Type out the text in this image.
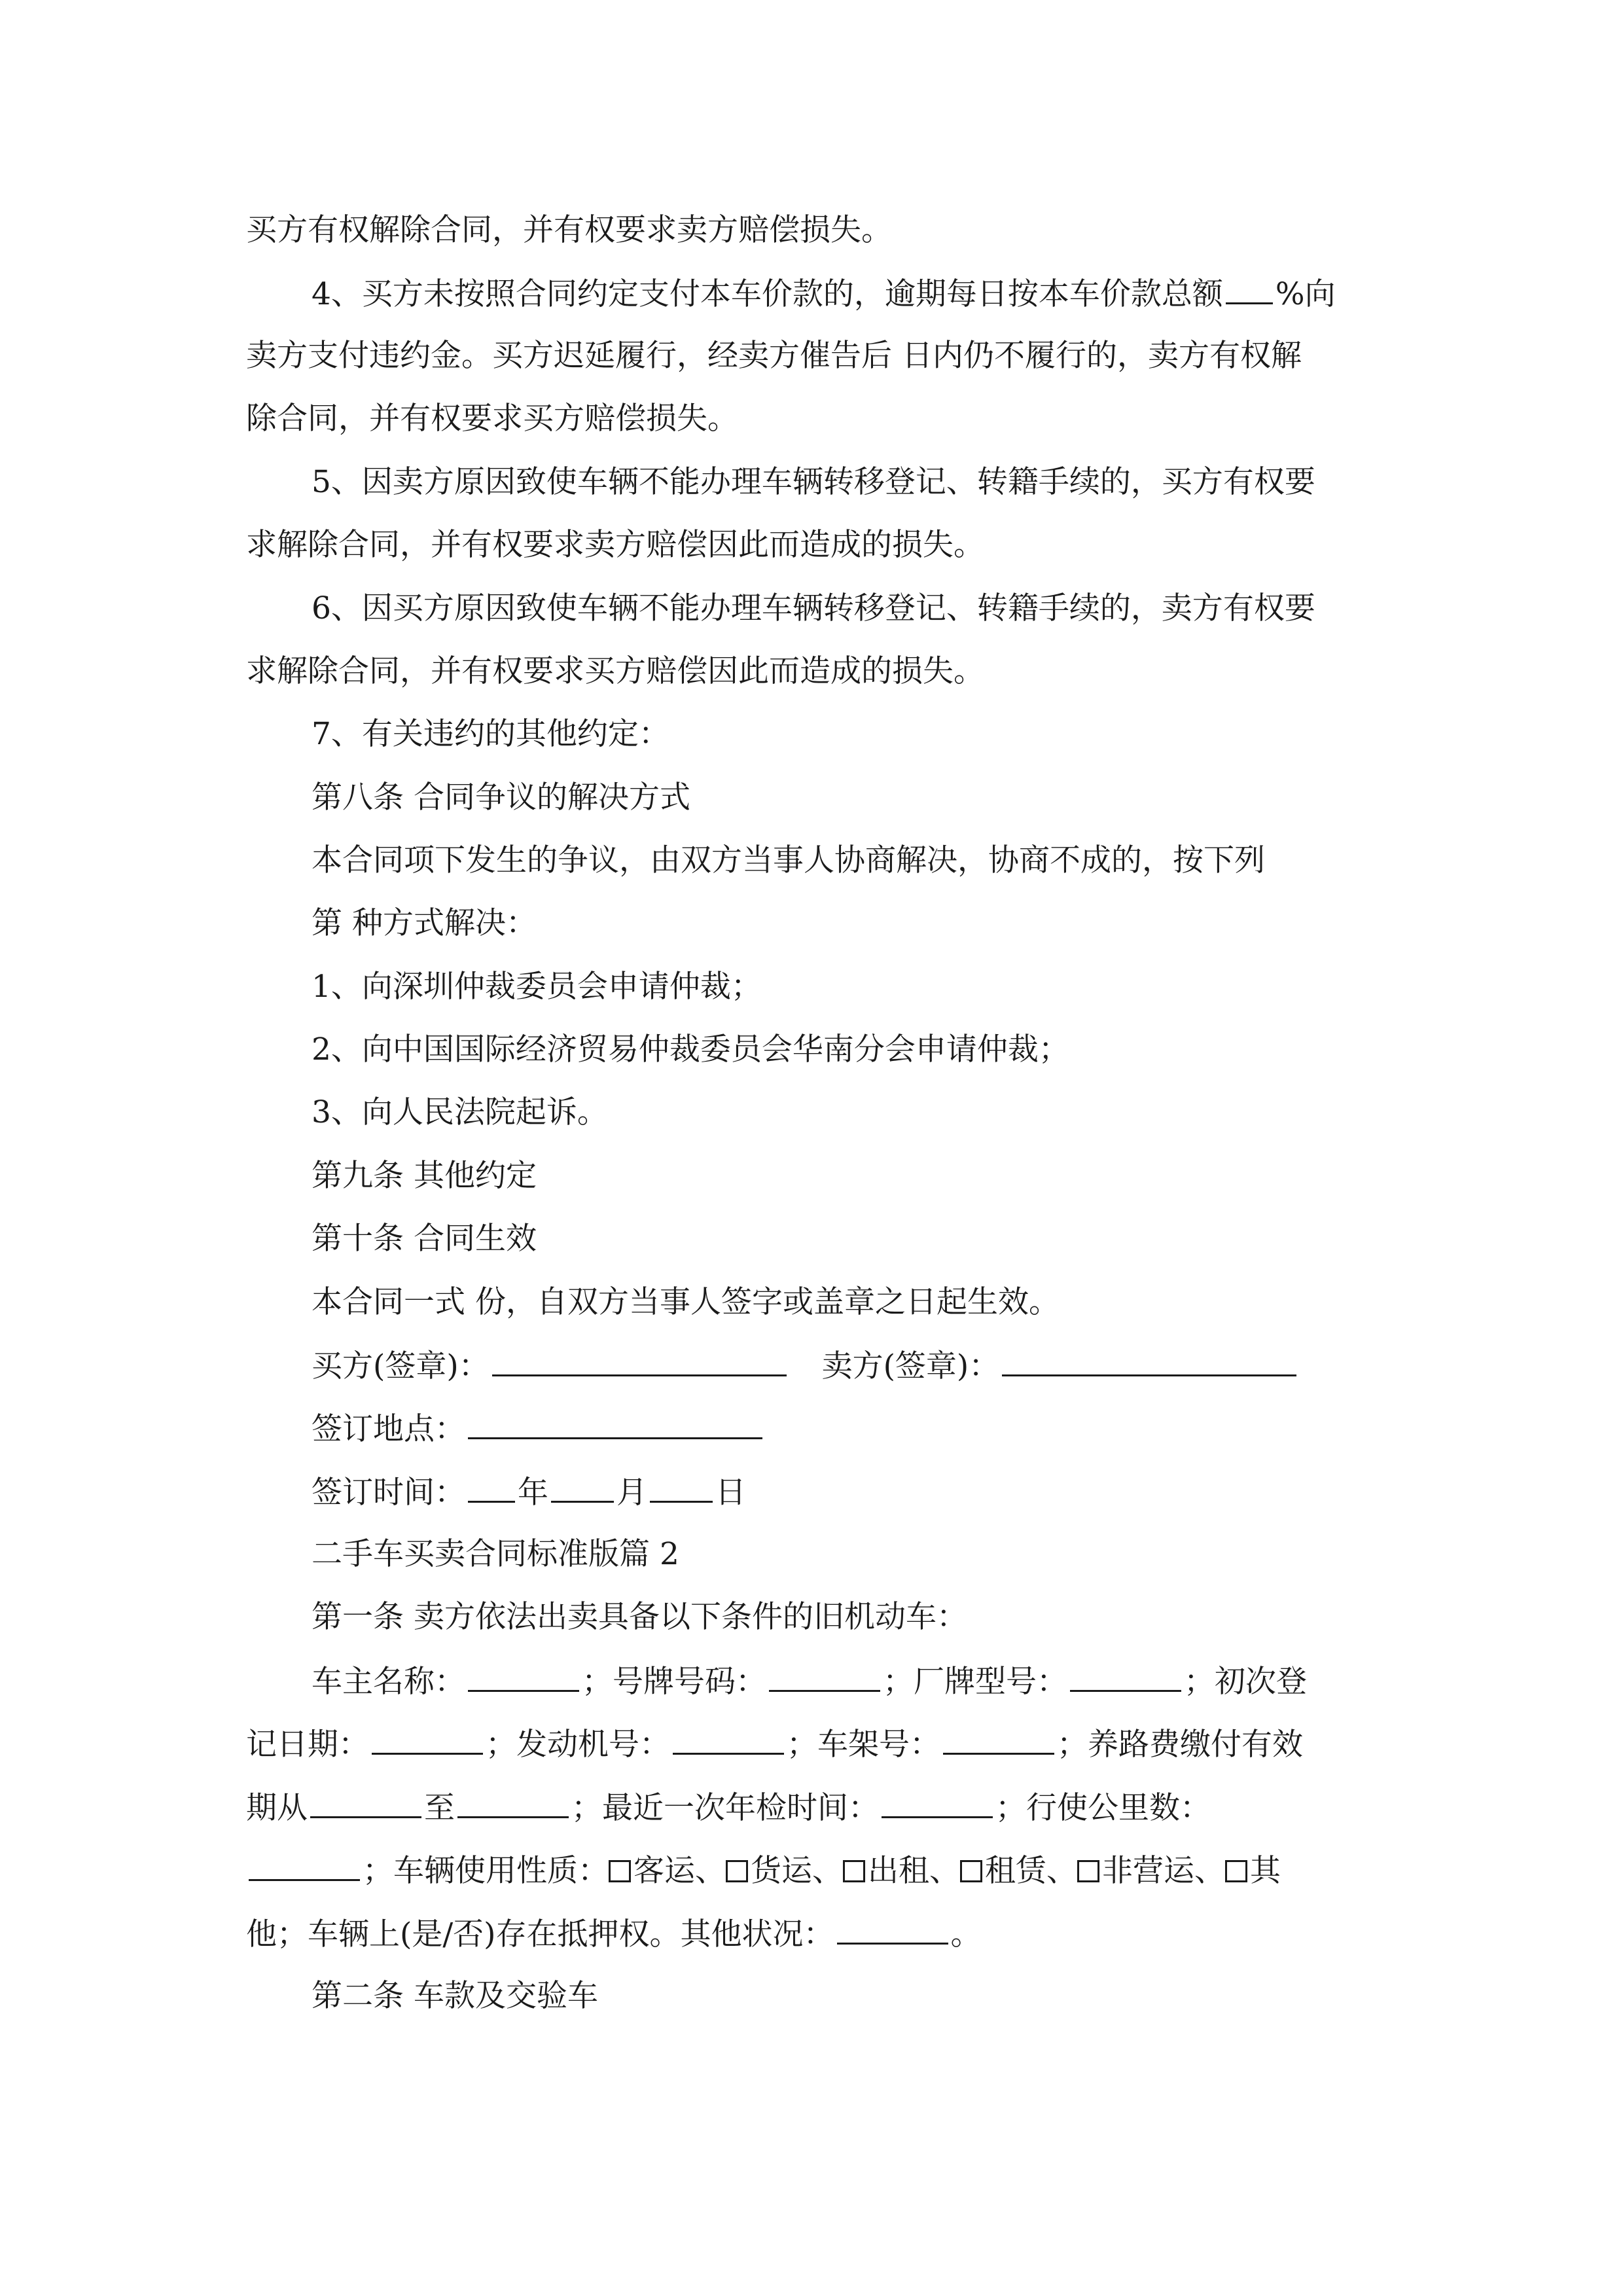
买方有权解除合同，并有权要求卖方赔偿损失。
4、买方未按照合同约定支付本车价款的，逾期每日按本车价款总额 %向
卖方支付违约金。买方迟延履行，经卖方催告后 日内仍不履行的，卖方有权解
除合同，并有权要求买方赔偿损失。
5、因卖方原因致使车辆不能办理车辆转移登记、转籍手续的，买方有权要
求解除合同，并有权要求卖方赔偿因此而造成的损失。
6、因买方原因致使车辆不能办理车辆转移登记、转籍手续的，卖方有权要
求解除合同，并有权要求买方赔偿因此而造成的损失。
7、有关违约的其他约定：
第八条 合同争议的解决方式
本合同项下发生的争议，由双方当事人协商解决，协商不成的，按下列
第 种方式解决：
1、向深圳仲裁委员会申请仲裁；
2、向中国国际经济贸易仲裁委员会华南分会申请仲裁；
3、向人民法院起诉。
第九条 其他约定
第十条 合同生效
本合同一式 份，自双方当事人签字或盖章之日起生效。
买方(签章)：	卖方(签章)：
签订地点：
签订时间： 年 月 日
二手车买卖合同标准版篇 2
第一条 卖方依法出卖具备以下条件的旧机动车：
车主名称：	；号牌号码：	；厂牌型号：	；初次登
记日期：	；发动机号：	；车架号：	；养路费缴付有效
期从	至	；最近一次年检时间：	；行使公里数：
；车辆使用性质： 客运、 货运、 出租、 租赁、 非营运、 其
他；车辆上(是/否)存在抵押权。其他状况：	。
第二条 车款及交验车
